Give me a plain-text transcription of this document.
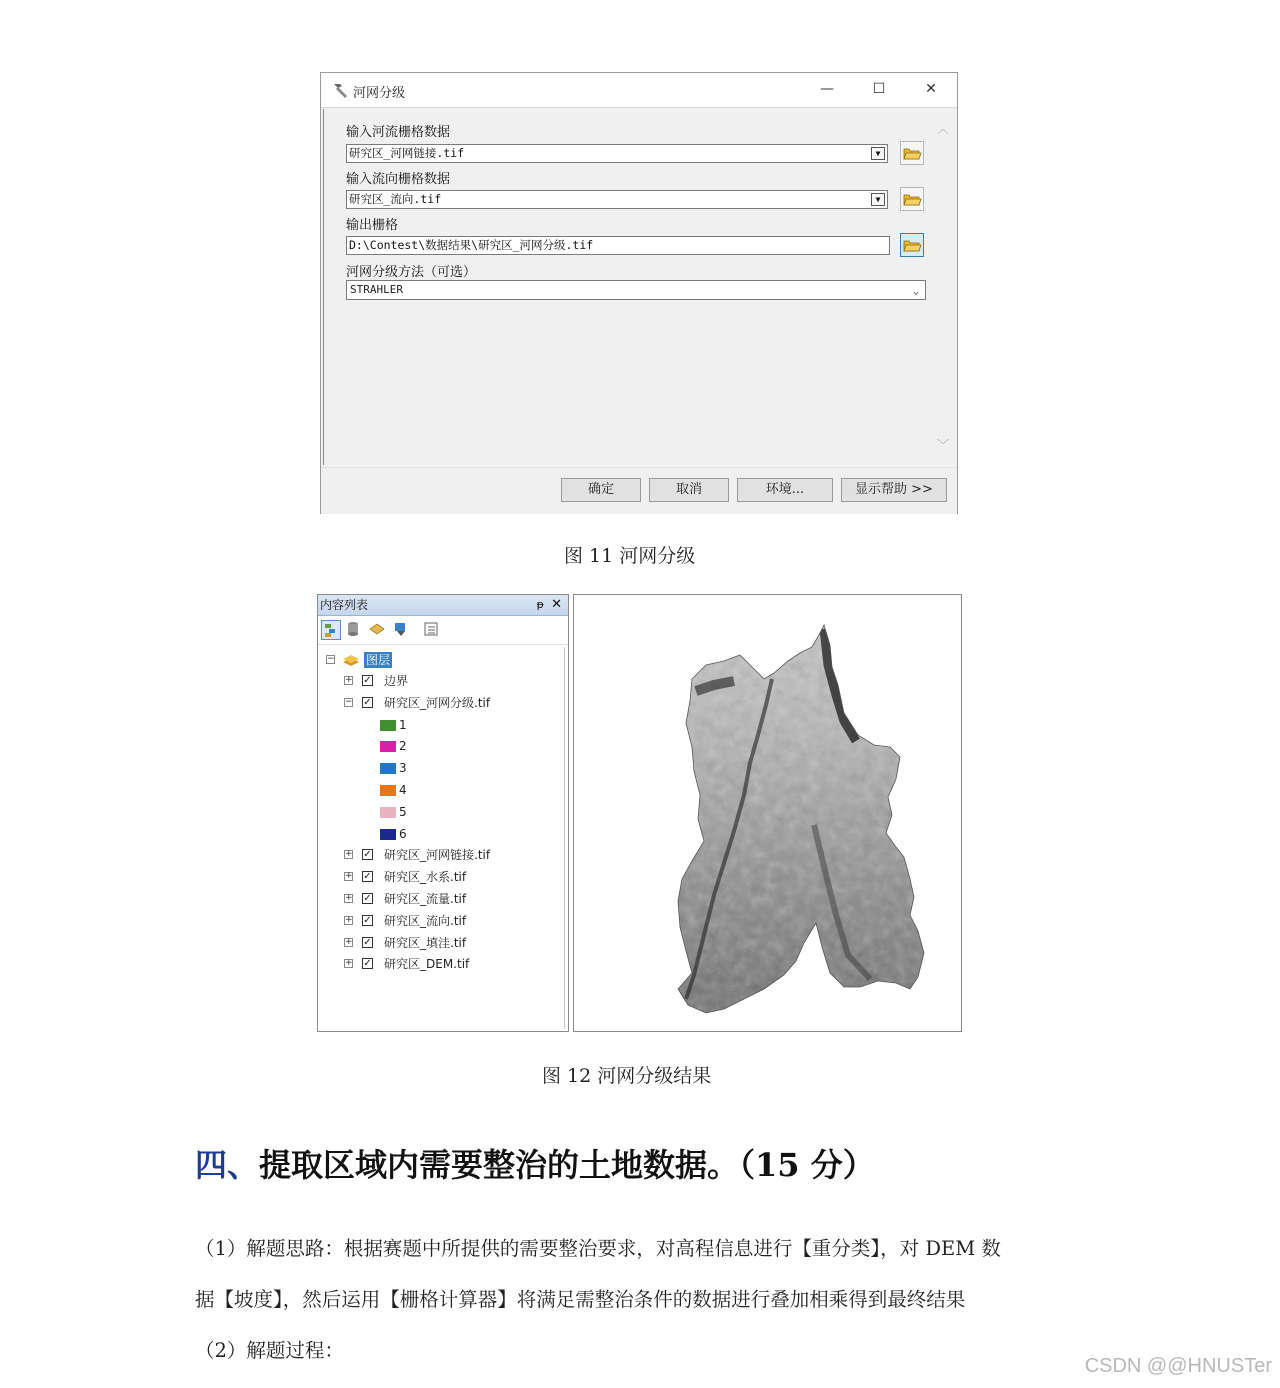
河网分级	—	☐	✕
输入河流栅格数据
研究区_河网链接.tif	▼
输入流向栅格数据
研究区_流向.tif	▼
输出栅格
D:\Contest\数据结果\研究区_河网分级.tif
河网分级方法（可选）
STRAHLER	⌄
︿
﹀
确定	取消	环境...	显示帮助 >>
图 11 河网分级
内容列表	ᵽ ✕
−	图层
+ ✓ 边界
− ✓ 研究区_河网分级.tif
1
2
3
4
5
6
+ ✓ 研究区_河网链接.tif
+ ✓ 研究区_水系.tif
+ ✓ 研究区_流量.tif
+ ✓ 研究区_流向.tif
+ ✓ 研究区_填洼.tif
+ ✓ 研究区_DEM.tif
图 12 河网分级结果
四、提取区域内需要整治的土地数据。（15 分）
（1）解题思路：根据赛题中所提供的需要整治要求，对高程信息进行【重分类】，对 DEM 数
据【坡度】，然后运用【栅格计算器】将满足需整治条件的数据进行叠加相乘得到最终结果
（2）解题过程：
CSDN @@HNUSTer
